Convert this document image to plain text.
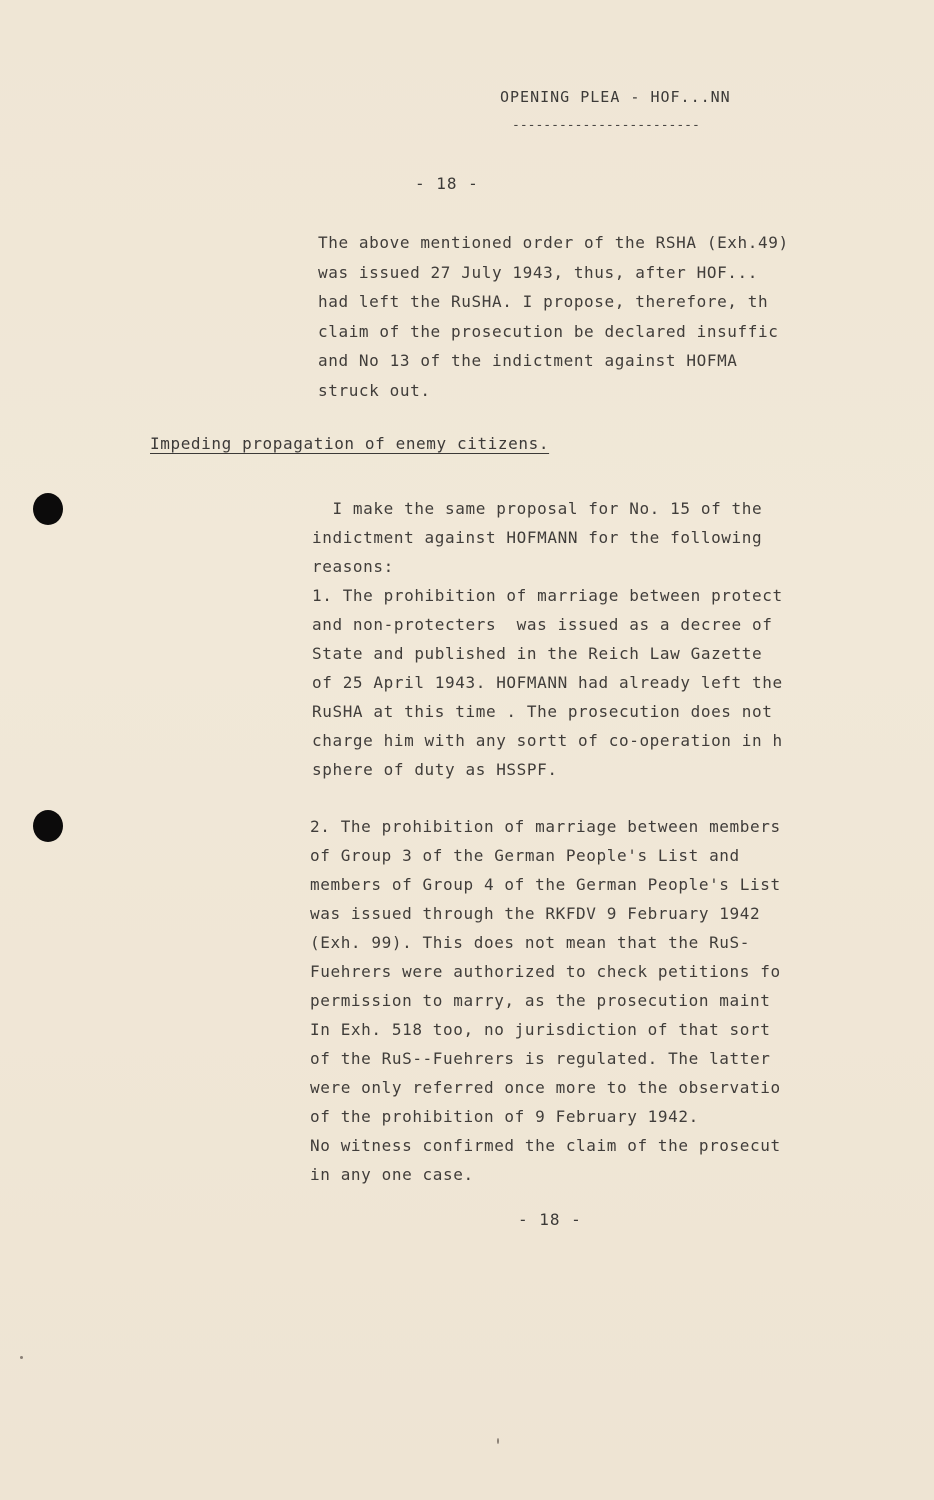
OPENING PLEA - HOF...NN
------------------------
- 18 -
The above mentioned order of the RSHA (Exh.49)
was issued 27 July 1943, thus, after HOF...
had left the RuSHA. I propose, therefore, th
claim of the prosecution be declared insuffic
and No 13 of the indictment against HOFMA
struck out.
Impeding propagation of enemy citizens.
I make the same proposal for No. 15 of the
indictment against HOFMANN for the following
reasons:
1. The prohibition of marriage between protect
and non-protecters  was issued as a decree of
State and published in the Reich Law Gazette
of 25 April 1943. HOFMANN had already left the
RuSHA at this time . The prosecution does not
charge him with any sortt of co-operation in h
sphere of duty as HSSPF.
2. The prohibition of marriage between members
of Group 3 of the German People's List and
members of Group 4 of the German People's List
was issued through the RKFDV 9 February 1942
(Exh. 99). This does not mean that the RuS-
Fuehrers were authorized to check petitions fo
permission to marry, as the prosecution maint
In Exh. 518 too, no jurisdiction of that sort
of the RuS--Fuehrers is regulated. The latter
were only referred once more to the observatio
of the prohibition of 9 February 1942.
No witness confirmed the claim of the prosecut
in any one case.
- 18 -
